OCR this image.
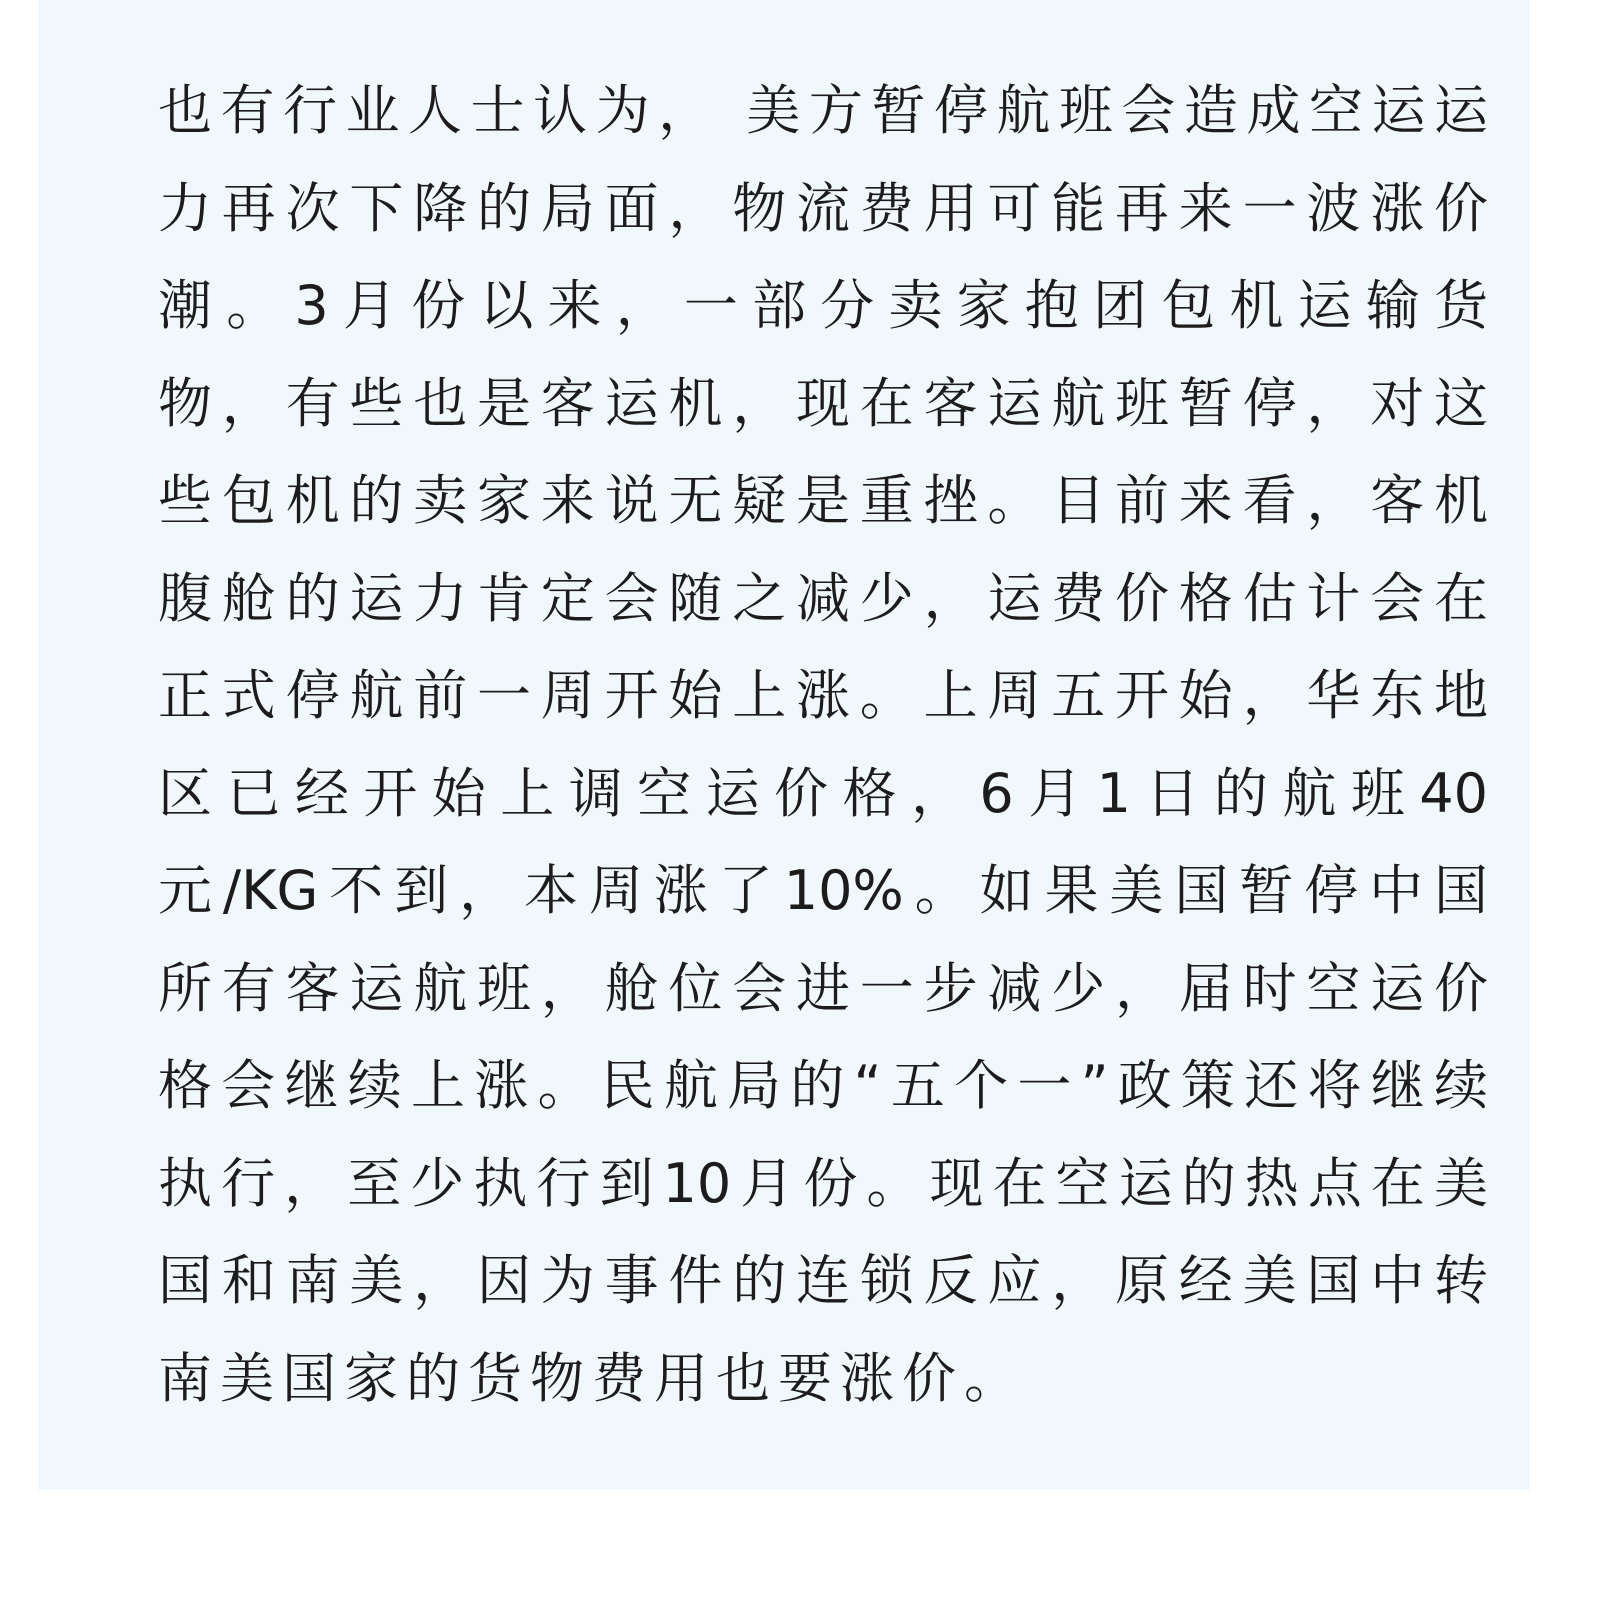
也有行业人士认为， 美方暂停航班会造成空运运
力再次下降的局面，物流费用可能再来一波涨价
潮。3月份以来，一部分卖家抱团包机运输货
物，有些也是客运机，现在客运航班暂停，对这
些包机的卖家来说无疑是重挫。目前来看，客机
腹舱的运力肯定会随之减少，运费价格估计会在
正式停航前一周开始上涨。上周五开始，华东地
区已经开始上调空运价格，6月1日的航班40
元/KG不到，本周涨了10%。如果美国暂停中国
所有客运航班，舱位会进一步减少，届时空运价
格会继续上涨。民航局的“五个一”政策还将继续
执行，至少执行到10月份。现在空运的热点在美
国和南美，因为事件的连锁反应，原经美国中转
南美国家的货物费用也要涨价。
